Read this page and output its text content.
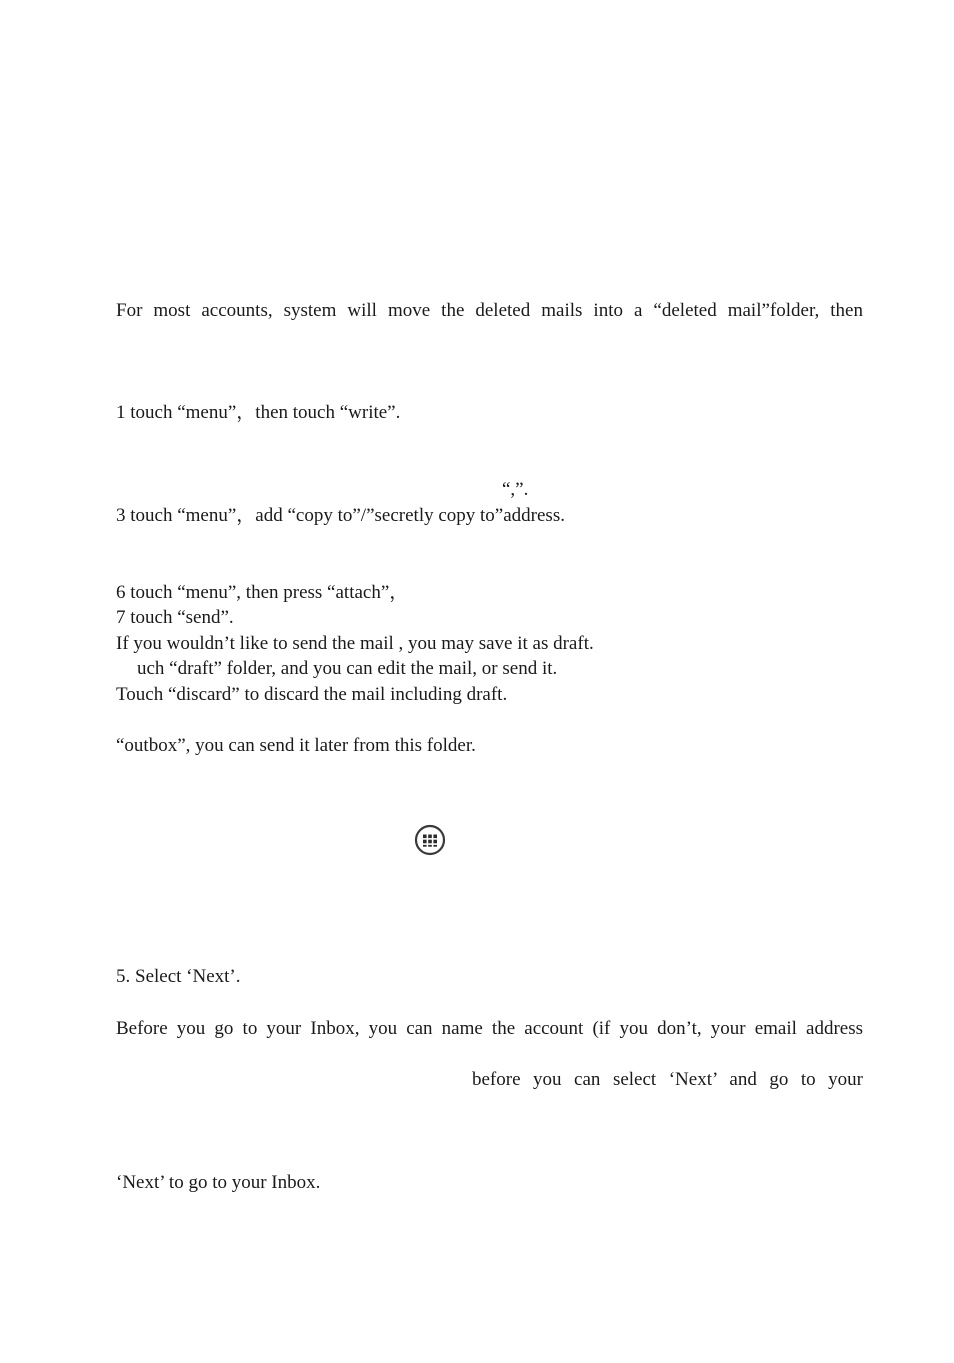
For most accounts, system will move the deleted mails into a “deleted mail”folder, then
1 touch “menu”，then touch “write”.
“,”.
3 touch “menu”，add “copy to”/”secretly copy to”address.
6 touch “menu”, then press “attach”，
7 touch “send”.
If you wouldn’t like to send the mail , you may save it as draft.
uch “draft” folder, and you can edit the mail, or send it.
Touch “discard” to discard the mail including draft.
“outbox”, you can send it later from this folder.
5. Select ‘Next’.
Before you go to your Inbox, you can name the account (if you don’t, your email address
before you can select ‘Next’ and go to your
‘Next’ to go to your Inbox.
